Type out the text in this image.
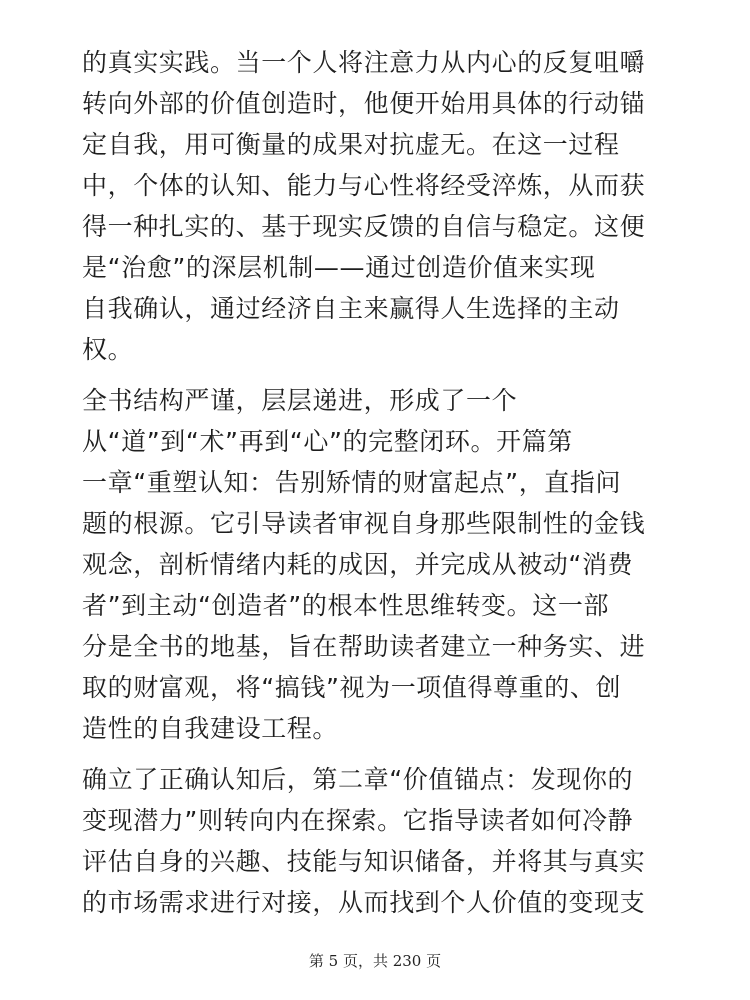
的真实实践。当一个人将注意力从内心的反复咀嚼
转向外部的价值创造时，他便开始用具体的行动锚
定自我，用可衡量的成果对抗虚无。在这一过程
中，个体的认知、能力与心性将经受淬炼，从而获
得一种扎实的、基于现实反馈的自信与稳定。这便
是“治愈”的深层机制——通过创造价值来实现
自我确认，通过经济自主来赢得人生选择的主动
权。

全书结构严谨，层层递进，形成了一个
从“道”到“术”再到“心”的完整闭环。开篇第
一章“重塑认知：告别矫情的财富起点”，直指问
题的根源。它引导读者审视自身那些限制性的金钱
观念，剖析情绪内耗的成因，并完成从被动“消费
者”到主动“创造者”的根本性思维转变。这一部
分是全书的地基，旨在帮助读者建立一种务实、进
取的财富观，将“搞钱”视为一项值得尊重的、创
造性的自我建设工程。

确立了正确认知后，第二章“价值锚点：发现你的
变现潜力”则转向内在探索。它指导读者如何冷静
评估自身的兴趣、技能与知识储备，并将其与真实
的市场需求进行对接，从而找到个人价值的变现支

第 5 页，共 230 页
